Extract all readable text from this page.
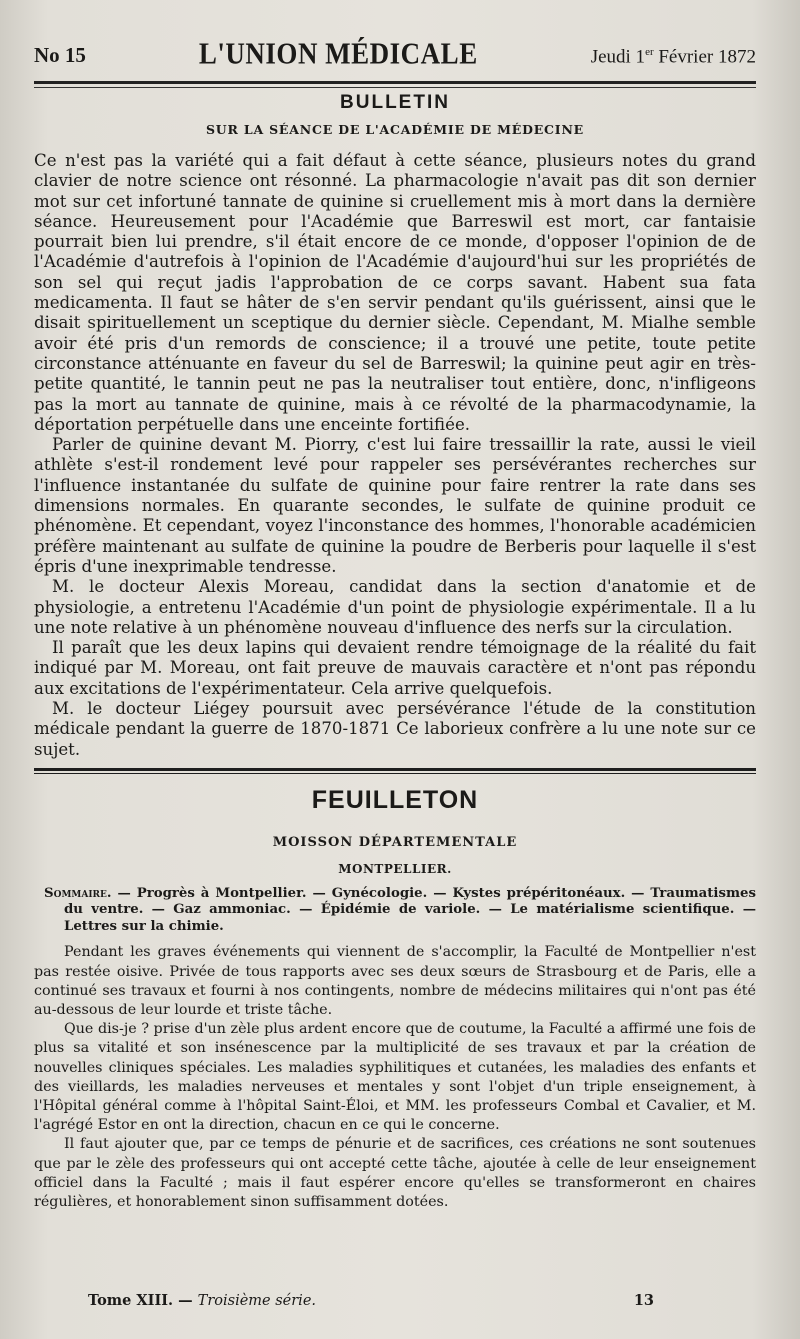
No 15	L'UNION MÉDICALE	Jeudi 1er Février 1872
BULLETIN
SUR LA SÉANCE DE L'ACADÉMIE DE MÉDECINE

Ce n'est pas la variété qui a fait défaut à cette séance, plusieurs notes du grand clavier de notre science ont résonné. La pharmacologie n'avait pas dit son dernier mot sur cet infortuné tannate de quinine si cruellement mis à mort dans la dernière séance. Heureusement pour l'Académie que Barreswil est mort, car fantaisie pourrait bien lui prendre, s'il était encore de ce monde, d'opposer l'opinion de de l'Académie d'autrefois à l'opinion de l'Académie d'aujourd'hui sur les propriétés de son sel qui reçut jadis l'approbation de ce corps savant. Habent sua fata medicamenta. Il faut se hâter de s'en servir pendant qu'ils guérissent, ainsi que le disait spirituellement un sceptique du dernier siècle. Cependant, M. Mialhe semble avoir été pris d'un remords de conscience; il a trouvé une petite, toute petite circonstance atténuante en faveur du sel de Barreswil; la quinine peut agir en très-petite quantité, le tannin peut ne pas la neutraliser tout entière, donc, n'infligeons pas la mort au tannate de quinine, mais à ce révolté de la pharmacodynamie, la déportation perpétuelle dans une enceinte fortifiée.

Parler de quinine devant M. Piorry, c'est lui faire tressaillir la rate, aussi le vieil athlète s'est-il rondement levé pour rappeler ses persévérantes recherches sur l'influence instantanée du sulfate de quinine pour faire rentrer la rate dans ses dimensions normales. En quarante secondes, le sulfate de quinine produit ce phénomène. Et cependant, voyez l'inconstance des hommes, l'honorable académicien préfère maintenant au sulfate de quinine la poudre de Berberis pour laquelle il s'est épris d'une inexprimable tendresse.

M. le docteur Alexis Moreau, candidat dans la section d'anatomie et de physiologie, a entretenu l'Académie d'un point de physiologie expérimentale. Il a lu une note relative à un phénomène nouveau d'influence des nerfs sur la circulation.

Il paraît que les deux lapins qui devaient rendre témoignage de la réalité du fait indiqué par M. Moreau, ont fait preuve de mauvais caractère et n'ont pas répondu aux excitations de l'expérimentateur. Cela arrive quelquefois.

M. le docteur Liégey poursuit avec persévérance l'étude de la constitution médicale pendant la guerre de 1870-1871 Ce laborieux confrère a lu une note sur ce sujet.

FEUILLETON
MOISSON DÉPARTEMENTALE
MONTPELLIER.
Sommaire. — Progrès à Montpellier. — Gynécologie. — Kystes prépéritonéaux. — Traumatismes du ventre. — Gaz ammoniac. — Épidémie de variole. — Le matérialisme scientifique. — Lettres sur la chimie.

Pendant les graves événements qui viennent de s'accomplir, la Faculté de Montpellier n'est pas restée oisive. Privée de tous rapports avec ses deux sœurs de Strasbourg et de Paris, elle a continué ses travaux et fourni à nos contingents, nombre de médecins militaires qui n'ont pas été au-dessous de leur lourde et triste tâche.

Que dis-je ? prise d'un zèle plus ardent encore que de coutume, la Faculté a affirmé une fois de plus sa vitalité et son insénescence par la multiplicité de ses travaux et par la création de nouvelles cliniques spéciales. Les maladies syphilitiques et cutanées, les maladies des enfants et des vieillards, les maladies nerveuses et mentales y sont l'objet d'un triple enseignement, à l'Hôpital général comme à l'hôpital Saint-Éloi, et MM. les professeurs Combal et Cavalier, et M. l'agrégé Estor en ont la direction, chacun en ce qui le concerne.

Il faut ajouter que, par ce temps de pénurie et de sacrifices, ces créations ne sont soutenues que par le zèle des professeurs qui ont accepté cette tâche, ajoutée à celle de leur enseignement officiel dans la Faculté ; mais il faut espérer encore qu'elles se transformeront en chaires régulières, et honorablement sinon suffisamment dotées.

Tome XIII. — Troisième série.	13
